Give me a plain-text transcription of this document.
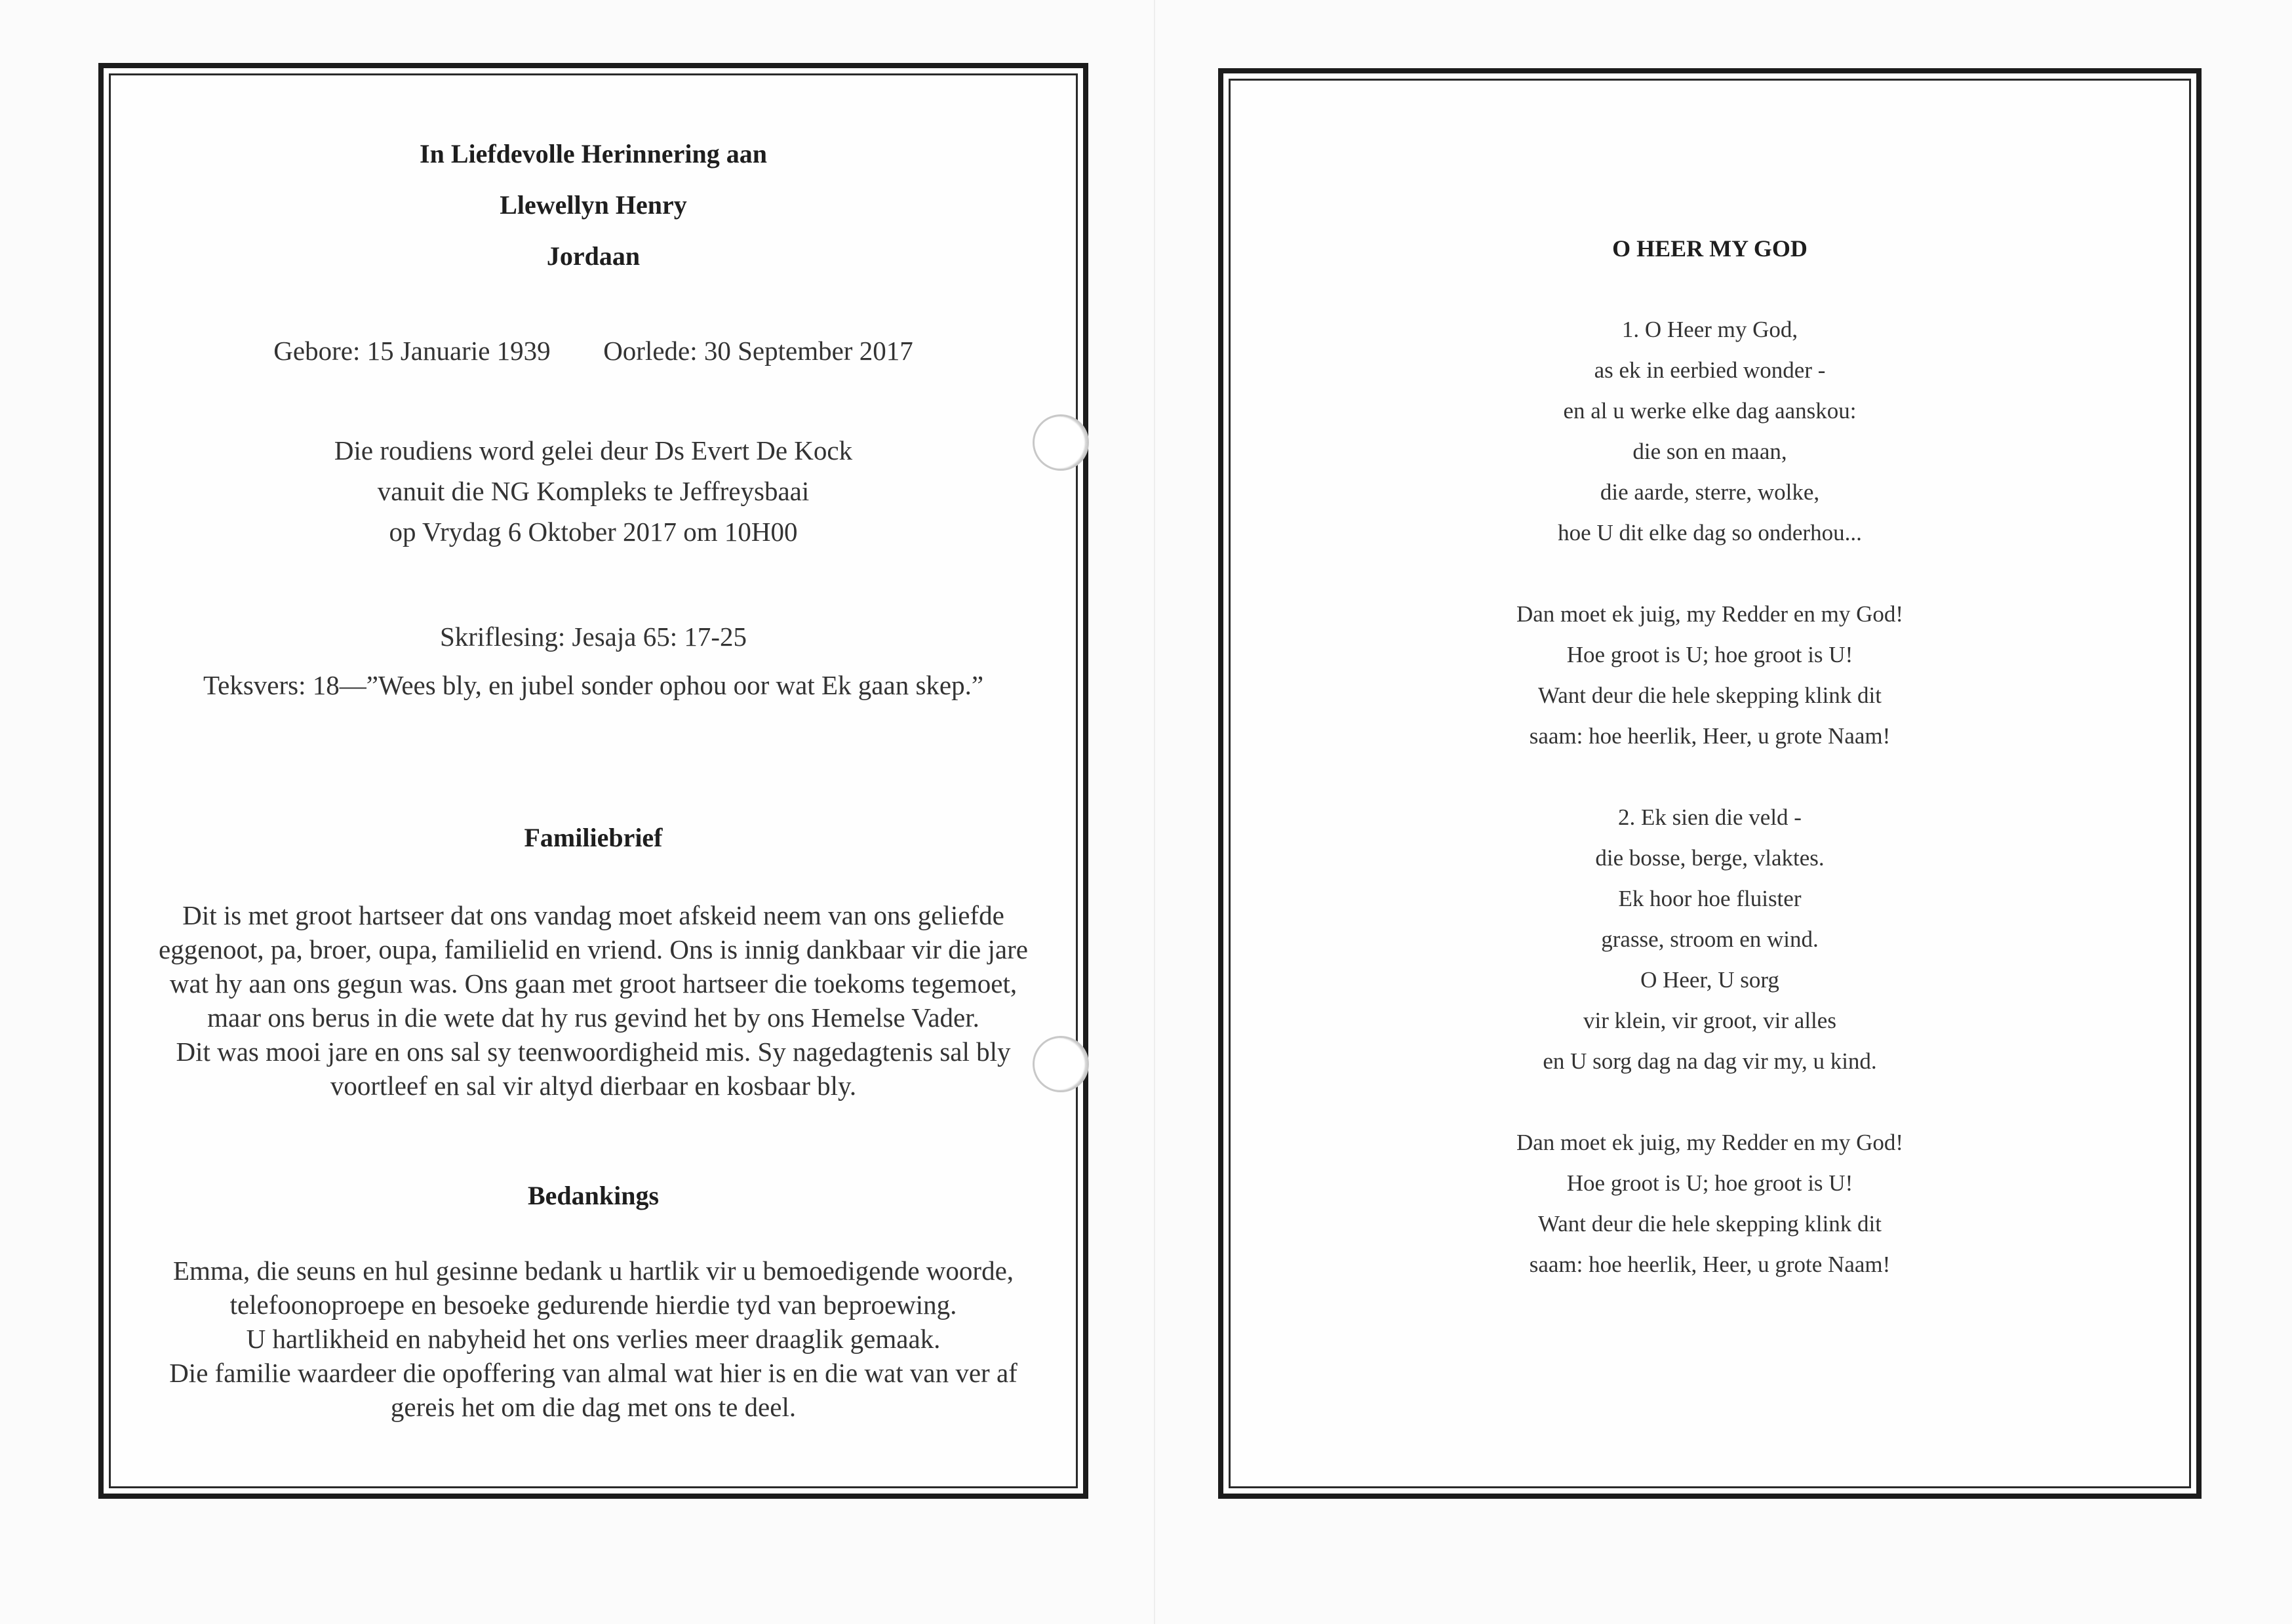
In Liefdevolle Herinnering aan
Llewellyn Henry
Jordaan
Gebore: 15 Januarie 1939 Oorlede: 30 September 2017
Die roudiens word gelei deur Ds Evert De Kock
vanuit die NG Kompleks te Jeffreysbaai
op Vrydag 6 Oktober 2017 om 10H00
Skriflesing: Jesaja 65: 17-25
Teksvers: 18—”Wees bly, en jubel sonder ophou oor wat Ek gaan skep.”
Familiebrief
Dit is met groot hartseer dat ons vandag moet afskeid neem van ons geliefde
eggenoot, pa, broer, oupa, familielid en vriend. Ons is innig dankbaar vir die jare
wat hy aan ons gegun was. Ons gaan met groot hartseer die toekoms tegemoet,
maar ons berus in die wete dat hy rus gevind het by ons Hemelse Vader.
Dit was mooi jare en ons sal sy teenwoordigheid mis. Sy nagedagtenis sal bly
voortleef en sal vir altyd dierbaar en kosbaar bly.
Bedankings
Emma, die seuns en hul gesinne bedank u hartlik vir u bemoedigende woorde,
telefoonoproepe en besoeke gedurende hierdie tyd van beproewing.
U hartlikheid en nabyheid het ons verlies meer draaglik gemaak.
Die familie waardeer die opoffering van almal wat hier is en die wat van ver af
gereis het om die dag met ons te deel.
O HEER MY GOD
1. O Heer my God,
as ek in eerbied wonder -
en al u werke elke dag aanskou:
die son en maan,
die aarde, sterre, wolke,
hoe U dit elke dag so onderhou...
Dan moet ek juig, my Redder en my God!
Hoe groot is U; hoe groot is U!
Want deur die hele skepping klink dit
saam: hoe heerlik, Heer, u grote Naam!
2. Ek sien die veld -
die bosse, berge, vlaktes.
Ek hoor hoe fluister
grasse, stroom en wind.
O Heer, U sorg
vir klein, vir groot, vir alles
en U sorg dag na dag vir my, u kind.
Dan moet ek juig, my Redder en my God!
Hoe groot is U; hoe groot is U!
Want deur die hele skepping klink dit
saam: hoe heerlik, Heer, u grote Naam!
